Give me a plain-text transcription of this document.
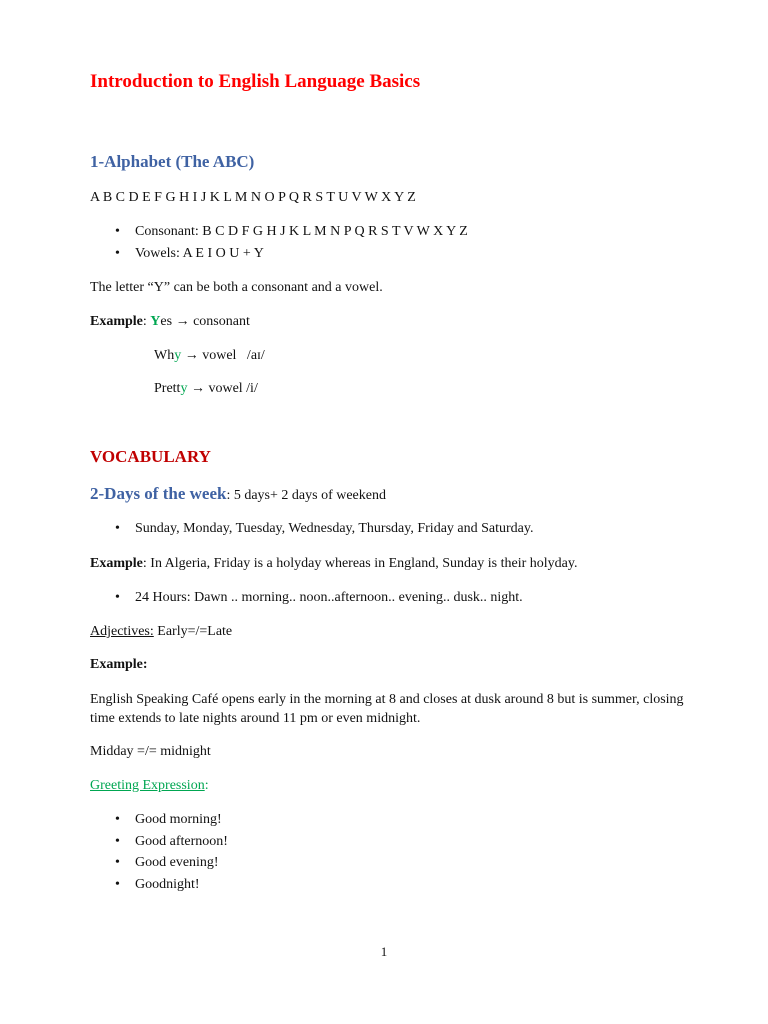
Introduction to English Language Basics
1-Alphabet (The ABC)
A B C D E F G H I J K L M N O P Q R S T U V W X Y Z
• Consonant: B C D F G H J K L M N P Q R S T V W X Y Z
• Vowels: A E I O U + Y
The letter “Y” can be both a consonant and a vowel.
Example: Yes → consonant
Why → vowel   /aɪ/
Pretty → vowel /i/
VOCABULARY
2-Days of the week: 5 days+ 2 days of weekend
• Sunday, Monday, Tuesday, Wednesday, Thursday, Friday and Saturday.
Example: In Algeria, Friday is a holyday whereas in England, Sunday is their holyday.
• 24 Hours: Dawn .. morning.. noon..afternoon.. evening.. dusk.. night.
Adjectives: Early=/=Late
Example:
English Speaking Café opens early in the morning at 8 and closes at dusk around 8 but is summer, closing time extends to late nights around 11 pm or even midnight.
Midday =/= midnight
Greeting Expression:
• Good morning!
• Good afternoon!
• Good evening!
• Goodnight!
1
